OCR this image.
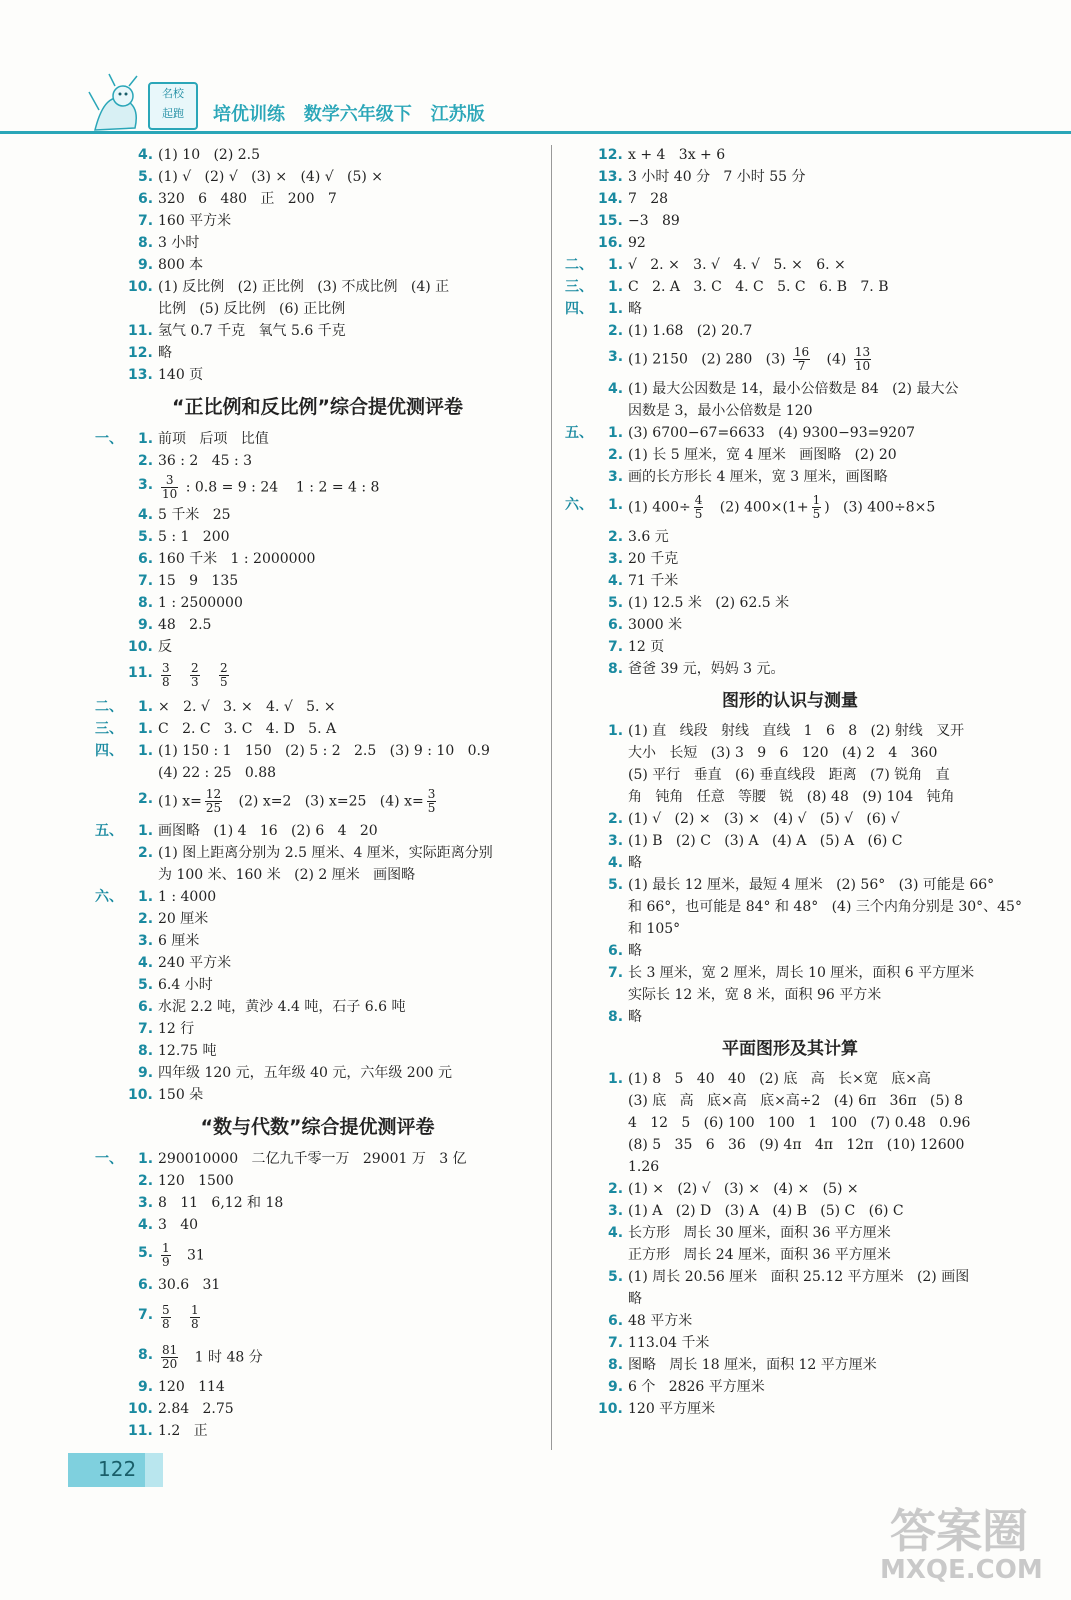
名校
起跑	培优训练   数学六年级下   江苏版
4. (1) 10   (2) 2.5
5. (1) √   (2) √   (3) ×   (4) √   (5) ×
6. 320   6   480   正   200   7
7. 160 平方米
8. 3 小时
9. 800 本
10. (1) 反比例   (2) 正比例   (3) 不成比例   (4) 正
比例   (5) 反比例   (6) 正比例
11. 氢气 0.7 千克   氧气 5.6 千克
12. 略
13. 140 页
“正比例和反比例”综合提优测评卷
一、 1. 前项   后项   比值
2. 36 : 2   45 : 3
3. $\frac{3}{10}$ : 0.8 = 9 : 24    1 : 2 = 4 : 8
4. 5 千米   25
5. 5 : 1   200
6. 160 千米   1 : 2000000
7. 15   9   135
8. 1 : 2500000
9. 48   2.5
10. 反
11. $\frac{3}{8}$
$\frac{2}{3}$
$\frac{2}{5}$
二、 1. ×   2. √   3. ×   4. √   5. ×
三、 1. C   2. C   3. C   4. D   5. A
四、 1. (1) 150 : 1   150   (2) 5 : 2   2.5   (3) 9 : 10   0.9
(4) 22 : 25   0.88
2. (1) $x= \frac{12}{25} (2)$ x=2   (3) x=25   (4) $x= \frac{3}{5}$
五、 1. 画图略   (1) 4   16   (2) 6   4   20
2. (1) 图上距离分别为 2.5 厘米、4 厘米，实际距离分别
为 100 米、160 米   (2) 2 厘米   画图略
六、 1. 1 : 4000
2. 20 厘米
3. 6 厘米
4. 240 平方米
5. 6.4 小时
6. 水泥 2.2 吨，黄沙 4.4 吨，石子 6.6 吨
7. 12 行
8. 12.75 吨
9. 四年级 120 元，五年级 40 元，六年级 200 元
10. 150 朵
“数与代数”综合提优测评卷
一、 1. 290010000   二亿九千零一万   29001 万   3 亿
2. 120   1500
3. 8   11   6,12 和 18
4. 3   40
5. $\frac{1}{9} 31$
6. 30.6   31
7. $\frac{5}{8}$
$\frac{1}{8}$
8. $\frac{81}{20} 1$ 时 48 分
9. 120   114
10. 2.84   2.75
11. 1.2   正
12. x + 4   3x + 6
13. 3 小时 40 分   7 小时 55 分
14. 7   28
15. −3   89
16. 92
二、 1. √   2. ×   3. √   4. √   5. ×   6. ×
三、 1. C   2. A   3. C   4. C   5. C   6. B   7. B
四、 1. 略
2. (1) 1.68   (2) 20.7
3. (1) 2150   (2) 280   $(3) \frac{16}{7} (4) \frac{13}{10}$
4. (1) 最大公因数是 14，最小公倍数是 84   (2) 最大公
因数是 3，最小公倍数是 120
五、 1. (3) 6700−67=6633   (4) 9300−93=9207
2. (1) 长 5 厘米，宽 4 厘米   画图略   (2) 20
3. 画的长方形长 4 厘米，宽 3 厘米，画图略
六、 1. (1) $400\div \frac{4}{5} (2)$ $400\times(1+ \frac{1}{5}$ )   (3) 400÷8×5
2. 3.6 元
3. 20 千克
4. 71 千米
5. (1) 12.5 米   (2) 62.5 米
6. 3000 米
7. 12 页
8. 爸爸 39 元，妈妈 3 元。
图形的认识与测量
1. (1) 直   线段   射线   直线   1   6   8   (2) 射线   叉开
大小   长短   (3) 3   9   6   120   (4) 2   4   360
(5) 平行   垂直   (6) 垂直线段   距离   (7) 锐角   直
角   钝角   任意   等腰   锐   (8) 48   (9) 104   钝角
2. (1) √   (2) ×   (3) ×   (4) √   (5) √   (6) √
3. (1) B   (2) C   (3) A   (4) A   (5) A   (6) C
4. 略
5. (1) 最长 12 厘米，最短 4 厘米   (2) 56°   (3) 可能是 66°
和 66°，也可能是 84° 和 48°   (4) 三个内角分别是 30°、45°
和 105°
6. 略
7. 长 3 厘米，宽 2 厘米，周长 10 厘米，面积 6 平方厘米
实际长 12 米，宽 8 米，面积 96 平方米
8. 略
平面图形及其计算
1. (1) 8   5   40   40   (2) 底   高   长×宽   底×高
(3) 底   高   底×高   底×高÷2   (4) 6π   36π   (5) 8
4   12   5   (6) 100   100   1   100   (7) 0.48   0.96
(8) 5   35   6   36   (9) 4π   4π   12π   (10) 12600
1.26
2. (1) ×   (2) √   (3) ×   (4) ×   (5) ×
3. (1) A   (2) D   (3) A   (4) B   (5) C   (6) C
4. 长方形   周长 30 厘米，面积 36 平方厘米
正方形   周长 24 厘米，面积 36 平方厘米
5. (1) 周长 20.56 厘米   面积 25.12 平方厘米   (2) 画图
略
6. 48 平方米
7. 113.04 千米
8. 图略   周长 18 厘米，面积 12 平方厘米
9. 6 个   2826 平方厘米
10. 120 平方厘米
122
答案圈
MXQE.COM
